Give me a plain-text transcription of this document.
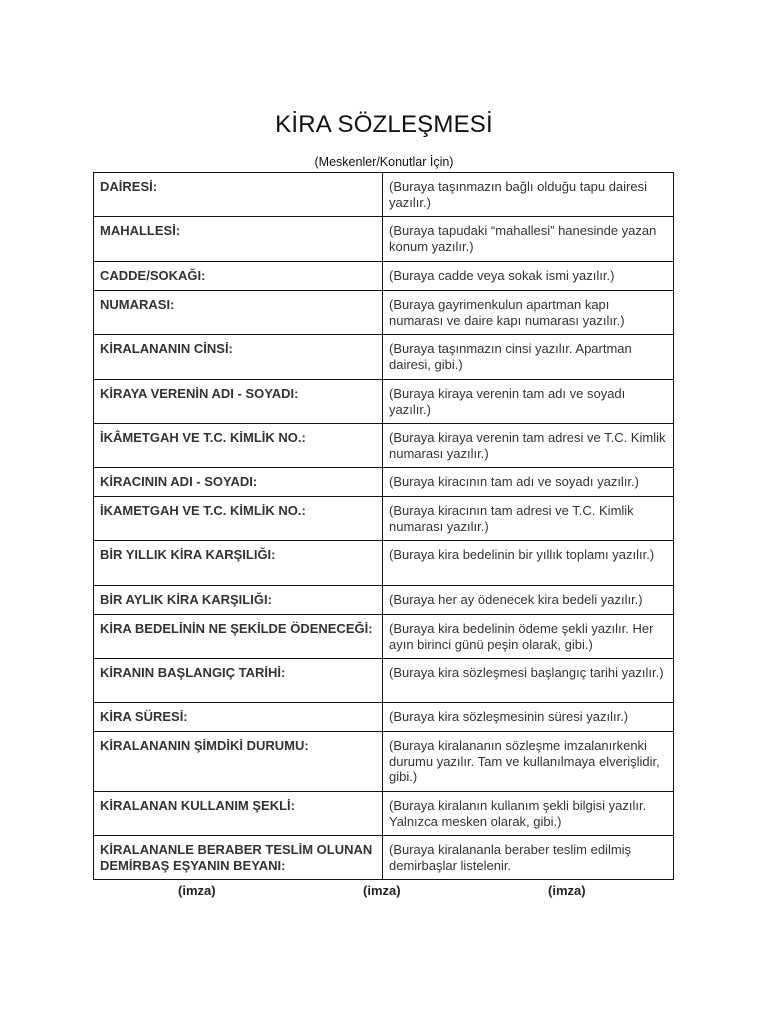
KİRA SÖZLEŞMESİ
(Meskenler/Konutlar İçin)
DAİRESİ:	(Buraya taşınmazın bağlı olduğu tapu dairesi yazılır.)
MAHALLESİ:	(Buraya tapudaki “mahallesi” hanesinde yazan konum yazılır.)
CADDE/SOKAĞI:	(Buraya cadde veya sokak ismi yazılır.)
NUMARASI:	(Buraya gayrimenkulun apartman kapı numarası ve daire kapı numarası yazılır.)
KİRALANANIN CİNSİ:	(Buraya taşınmazın cinsi yazılır. Apartman dairesi, gibi.)
KİRAYA VERENİN ADI - SOYADI:	(Buraya kiraya verenin tam adı ve soyadı yazılır.)
İKÂMETGAH VE T.C. KİMLİK NO.:	(Buraya kiraya verenin tam adresi ve T.C. Kimlik numarası yazılır.)
KİRACININ ADI - SOYADI:	(Buraya kiracının tam adı ve soyadı yazılır.)
İKAMETGAH VE T.C. KİMLİK NO.:	(Buraya kiracının tam adresi ve T.C. Kimlik numarası yazılır.)
BİR YILLIK KİRA KARŞILIĞI:	(Buraya kira bedelinin bir yıllık toplamı yazılır.)
BİR AYLIK KİRA KARŞILIĞI:	(Buraya her ay ödenecek kira bedeli yazılır.)
KİRA BEDELİNİN NE ŞEKİLDE ÖDENECEĞİ:	(Buraya kira bedelinin ödeme şekli yazılır. Her ayın birinci günü peşin olarak, gibi.)
KİRANIN BAŞLANGIÇ TARİHİ:	(Buraya kira sözleşmesi başlangıç tarihi yazılır.)
KİRA SÜRESİ:	(Buraya kira sözleşmesinin süresi yazılır.)
KİRALANANIN ŞİMDİKİ DURUMU:	(Buraya kiralananın sözleşme imzalanırkenki durumu yazılır. Tam ve kullanılmaya elverişlidir, gibi.)
KİRALANAN KULLANIM ŞEKLİ:	(Buraya kiralanın kullanım şekli bilgisi yazılır. Yalnızca mesken olarak, gibi.)
KİRALANANLE BERABER TESLİM OLUNAN DEMİRBAŞ EŞYANIN BEYANI:	(Buraya kiralananla beraber teslim edilmiş demirbaşlar listelenir.
(imza)	(imza)	(imza)
